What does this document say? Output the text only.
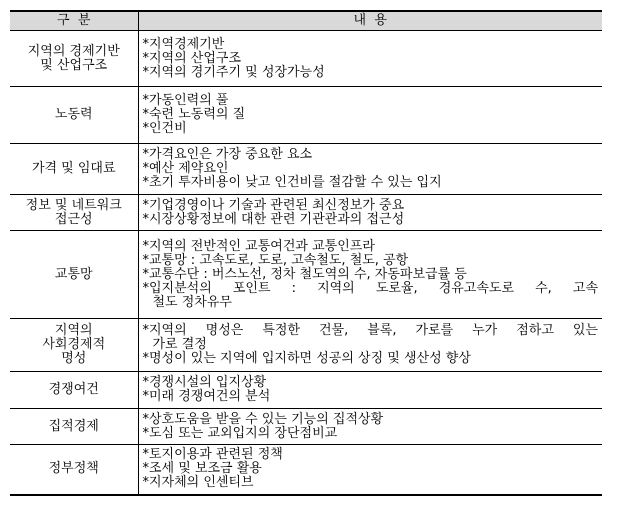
구  분	내  용
지역의 경제기반
및 산업구조	*지역경제기반
*지역의 산업구조
*지역의 경기주기 및 성장가능성

노동력	*가동인력의 풀
*숙련 노동력의 질
*인건비

가격 및 임대료	*가격요인은 가장 중요한 요소
*예산 제약요인
*초기 투자비용이 낮고 인건비를 절감할 수 있는 입지

정보 및 네트워크
접근성	*기업경영이나 기술과 관련된 최신정보가 중요
*시장상황정보에 대한 관련 기관관과의 접근성

교통망	*지역의 전반적인 교통여건과 교통인프라
*교통망 : 고속도로, 도로, 고속철도, 철도, 공항
*교통수단 : 버스노선, 정차 철도역의 수, 자동파보급률 등
*입지분석의 포인트 : 지역의 도로율, 경유고속도로 수, 고속
철도 정차유무

지역의
사회경제적
명성	*지역의 명성은 특정한 건물, 블록, 가로를 누가 점하고 있는
가로 결정
*명성이 있는 지역에 입지하면 성공의 상징 및 생산성 향상

경쟁여건	*경쟁시설의 입지상황
*미래 경쟁여건의 분석

집적경제	*상호도움을 받을 수 있는 기능의 집적상황
*도심 또는 교외입지의 장단점비교

정부정책	*토지이용과 관련된 정책
*조세 및 보조금 활용
*지자체의 인센티브
